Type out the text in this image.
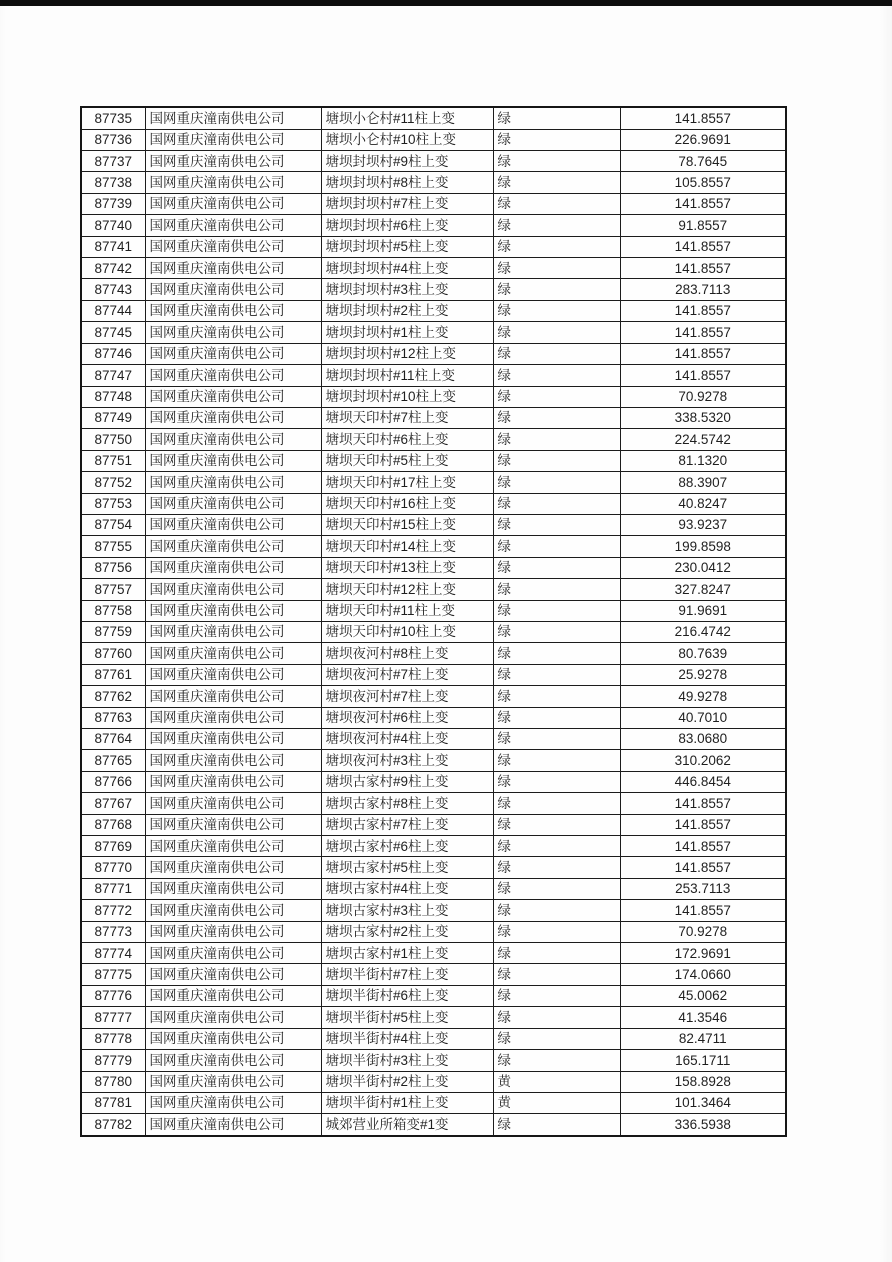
87735	国网重庆潼南供电公司	塘坝小仑村#11柱上变	绿	141.8557
87736	国网重庆潼南供电公司	塘坝小仑村#10柱上变	绿	226.9691
87737	国网重庆潼南供电公司	塘坝封坝村#9柱上变	绿	78.7645
87738	国网重庆潼南供电公司	塘坝封坝村#8柱上变	绿	105.8557
87739	国网重庆潼南供电公司	塘坝封坝村#7柱上变	绿	141.8557
87740	国网重庆潼南供电公司	塘坝封坝村#6柱上变	绿	91.8557
87741	国网重庆潼南供电公司	塘坝封坝村#5柱上变	绿	141.8557
87742	国网重庆潼南供电公司	塘坝封坝村#4柱上变	绿	141.8557
87743	国网重庆潼南供电公司	塘坝封坝村#3柱上变	绿	283.7113
87744	国网重庆潼南供电公司	塘坝封坝村#2柱上变	绿	141.8557
87745	国网重庆潼南供电公司	塘坝封坝村#1柱上变	绿	141.8557
87746	国网重庆潼南供电公司	塘坝封坝村#12柱上变	绿	141.8557
87747	国网重庆潼南供电公司	塘坝封坝村#11柱上变	绿	141.8557
87748	国网重庆潼南供电公司	塘坝封坝村#10柱上变	绿	70.9278
87749	国网重庆潼南供电公司	塘坝天印村#7柱上变	绿	338.5320
87750	国网重庆潼南供电公司	塘坝天印村#6柱上变	绿	224.5742
87751	国网重庆潼南供电公司	塘坝天印村#5柱上变	绿	81.1320
87752	国网重庆潼南供电公司	塘坝天印村#17柱上变	绿	88.3907
87753	国网重庆潼南供电公司	塘坝天印村#16柱上变	绿	40.8247
87754	国网重庆潼南供电公司	塘坝天印村#15柱上变	绿	93.9237
87755	国网重庆潼南供电公司	塘坝天印村#14柱上变	绿	199.8598
87756	国网重庆潼南供电公司	塘坝天印村#13柱上变	绿	230.0412
87757	国网重庆潼南供电公司	塘坝天印村#12柱上变	绿	327.8247
87758	国网重庆潼南供电公司	塘坝天印村#11柱上变	绿	91.9691
87759	国网重庆潼南供电公司	塘坝天印村#10柱上变	绿	216.4742
87760	国网重庆潼南供电公司	塘坝夜河村#8柱上变	绿	80.7639
87761	国网重庆潼南供电公司	塘坝夜河村#7柱上变	绿	25.9278
87762	国网重庆潼南供电公司	塘坝夜河村#7柱上变	绿	49.9278
87763	国网重庆潼南供电公司	塘坝夜河村#6柱上变	绿	40.7010
87764	国网重庆潼南供电公司	塘坝夜河村#4柱上变	绿	83.0680
87765	国网重庆潼南供电公司	塘坝夜河村#3柱上变	绿	310.2062
87766	国网重庆潼南供电公司	塘坝古家村#9柱上变	绿	446.8454
87767	国网重庆潼南供电公司	塘坝古家村#8柱上变	绿	141.8557
87768	国网重庆潼南供电公司	塘坝古家村#7柱上变	绿	141.8557
87769	国网重庆潼南供电公司	塘坝古家村#6柱上变	绿	141.8557
87770	国网重庆潼南供电公司	塘坝古家村#5柱上变	绿	141.8557
87771	国网重庆潼南供电公司	塘坝古家村#4柱上变	绿	253.7113
87772	国网重庆潼南供电公司	塘坝古家村#3柱上变	绿	141.8557
87773	国网重庆潼南供电公司	塘坝古家村#2柱上变	绿	70.9278
87774	国网重庆潼南供电公司	塘坝古家村#1柱上变	绿	172.9691
87775	国网重庆潼南供电公司	塘坝半街村#7柱上变	绿	174.0660
87776	国网重庆潼南供电公司	塘坝半街村#6柱上变	绿	45.0062
87777	国网重庆潼南供电公司	塘坝半街村#5柱上变	绿	41.3546
87778	国网重庆潼南供电公司	塘坝半街村#4柱上变	绿	82.4711
87779	国网重庆潼南供电公司	塘坝半街村#3柱上变	绿	165.1711
87780	国网重庆潼南供电公司	塘坝半街村#2柱上变	黄	158.8928
87781	国网重庆潼南供电公司	塘坝半街村#1柱上变	黄	101.3464
87782	国网重庆潼南供电公司	城郊营业所箱变#1变	绿	336.5938
